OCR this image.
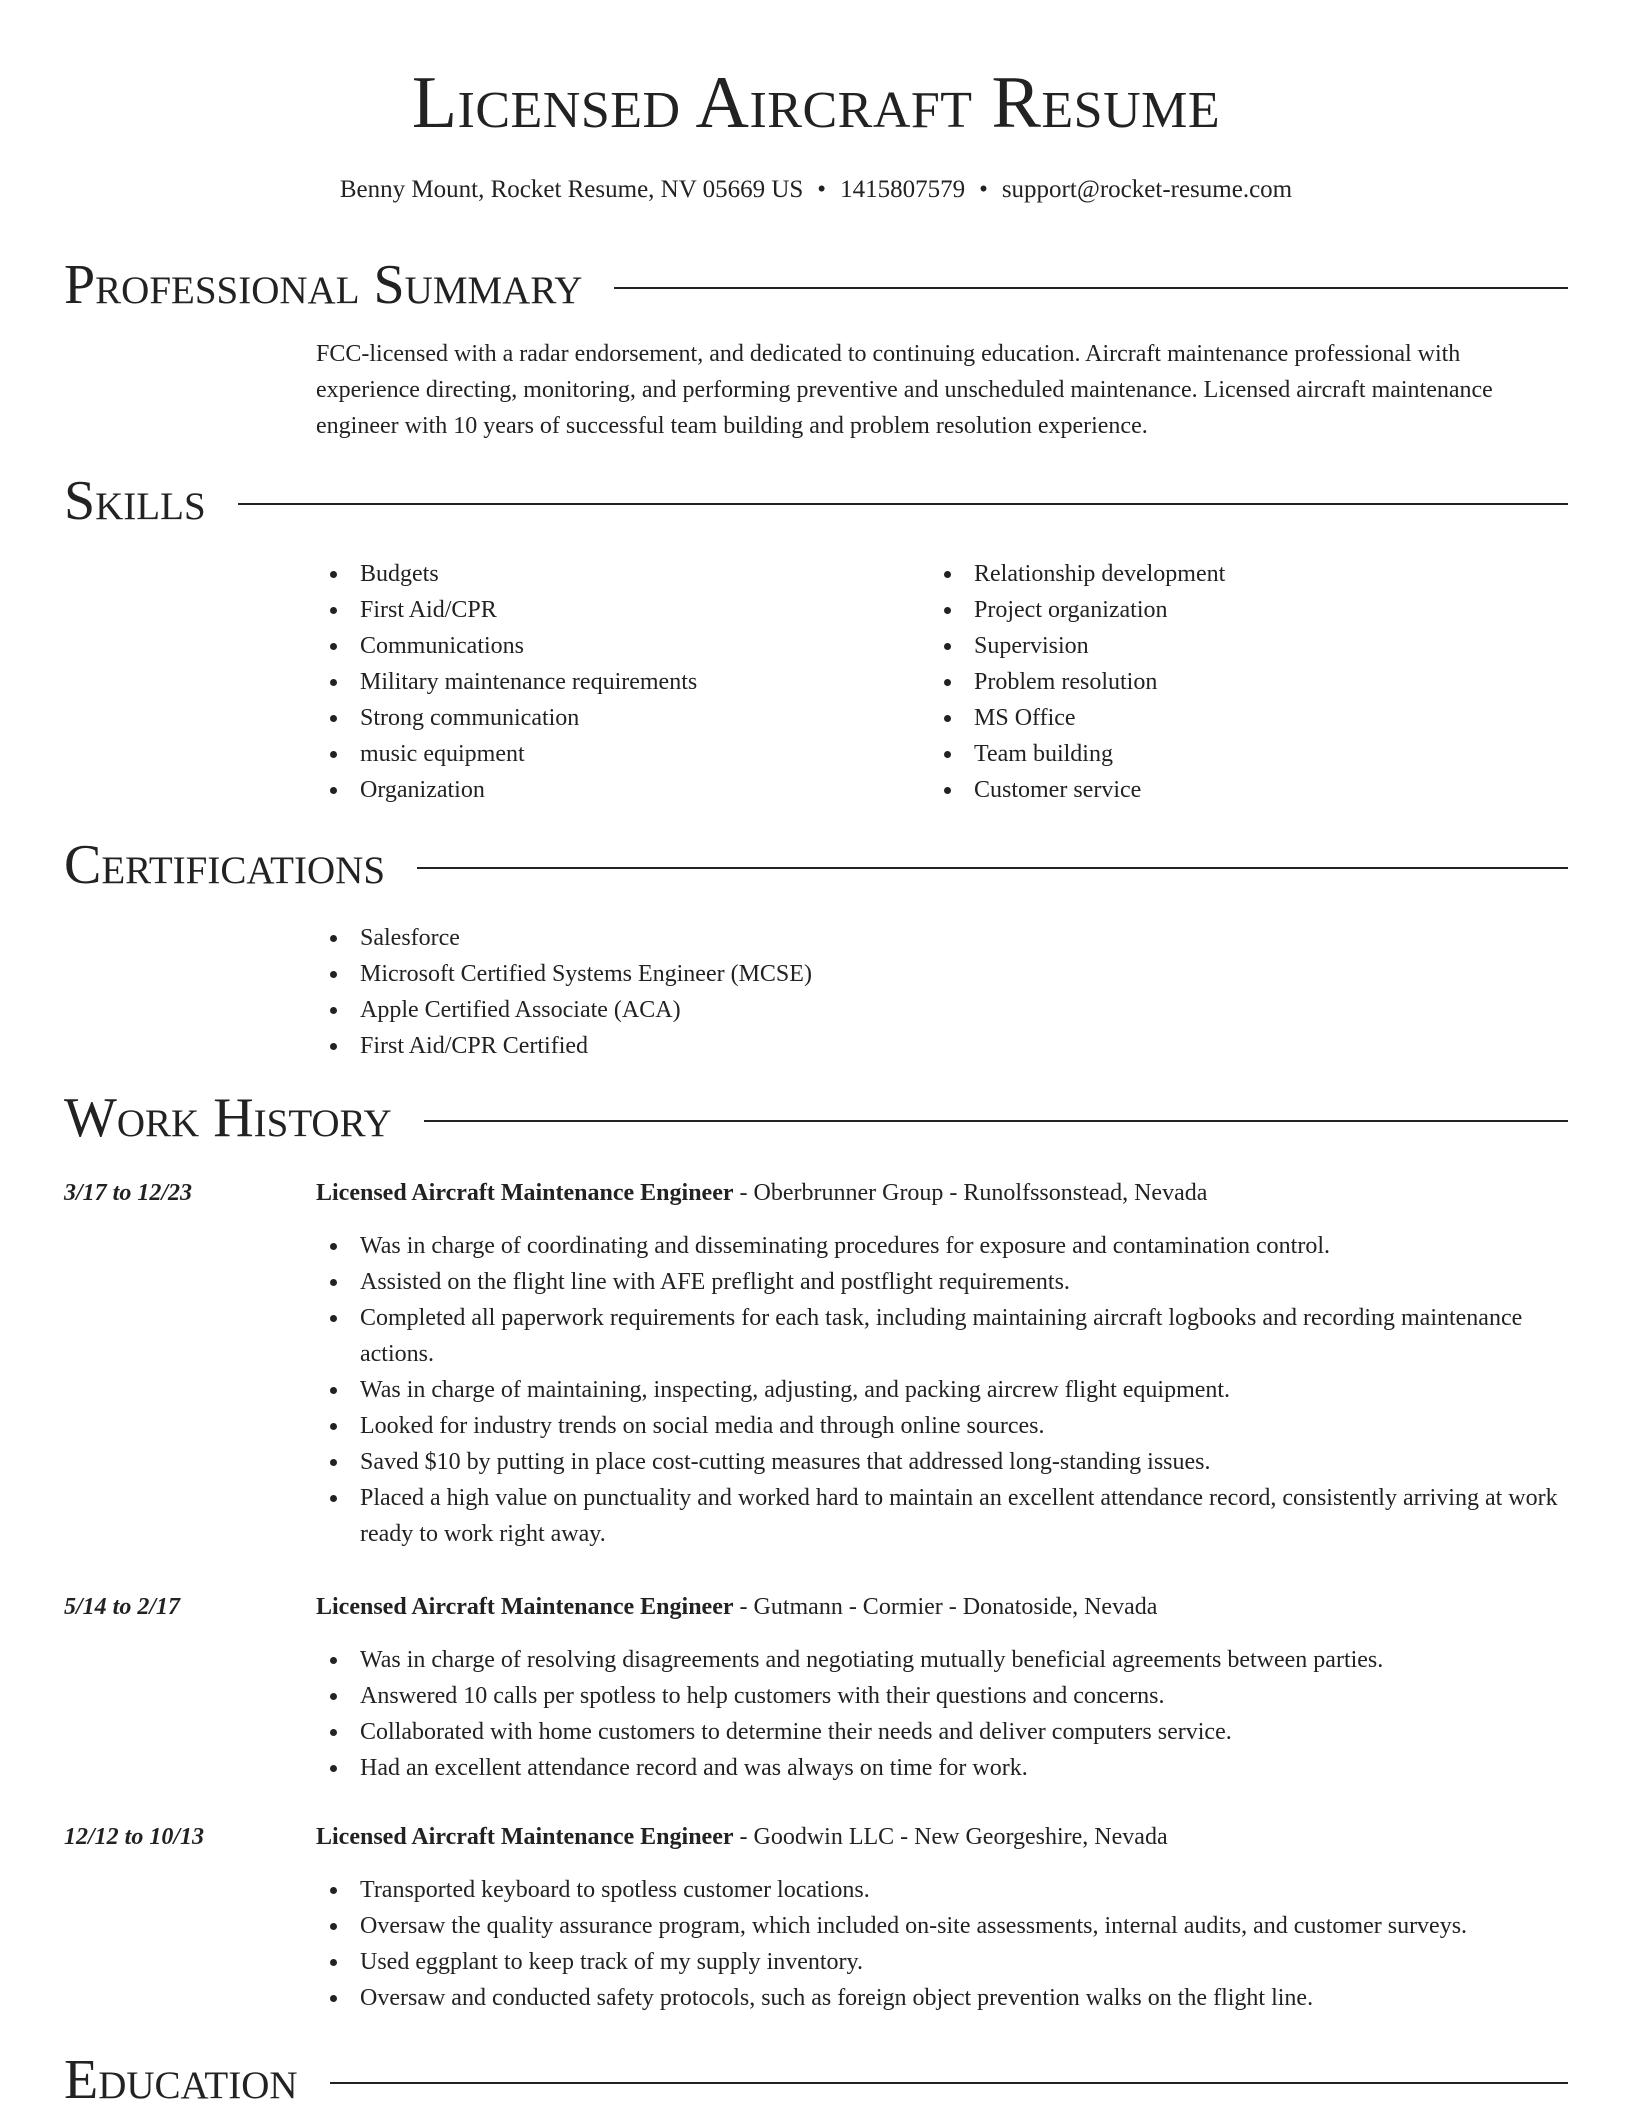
Licensed Aircraft Resume
Benny Mount, Rocket Resume, NV 05669 US • 1415807579 • support@rocket-resume.com
Professional Summary
FCC-licensed with a radar endorsement, and dedicated to continuing education. Aircraft maintenance professional with experience directing, monitoring, and performing preventive and unscheduled maintenance. Licensed aircraft maintenance engineer with 10 years of successful team building and problem resolution experience.
Skills
Budgets
First Aid/CPR
Communications
Military maintenance requirements
Strong communication
music equipment
Organization
Relationship development
Project organization
Supervision
Problem resolution
MS Office
Team building
Customer service
Certifications
Salesforce
Microsoft Certified Systems Engineer (MCSE)
Apple Certified Associate (ACA)
First Aid/CPR Certified
Work History
3/17 to 12/23	Licensed Aircraft Maintenance Engineer - Oberbrunner Group - Runolfssonstead, Nevada
Was in charge of coordinating and disseminating procedures for exposure and contamination control.
Assisted on the flight line with AFE preflight and postflight requirements.
Completed all paperwork requirements for each task, including maintaining aircraft logbooks and recording maintenance actions.
Was in charge of maintaining, inspecting, adjusting, and packing aircrew flight equipment.
Looked for industry trends on social media and through online sources.
Saved $10 by putting in place cost-cutting measures that addressed long-standing issues.
Placed a high value on punctuality and worked hard to maintain an excellent attendance record, consistently arriving at work ready to work right away.
5/14 to 2/17	Licensed Aircraft Maintenance Engineer - Gutmann - Cormier - Donatoside, Nevada
Was in charge of resolving disagreements and negotiating mutually beneficial agreements between parties.
Answered 10 calls per spotless to help customers with their questions and concerns.
Collaborated with home customers to determine their needs and deliver computers service.
Had an excellent attendance record and was always on time for work.
12/12 to 10/13	Licensed Aircraft Maintenance Engineer - Goodwin LLC - New Georgeshire, Nevada
Transported keyboard to spotless customer locations.
Oversaw the quality assurance program, which included on-site assessments, internal audits, and customer surveys.
Used eggplant to keep track of my supply inventory.
Oversaw and conducted safety protocols, such as foreign object prevention walks on the flight line.
Education
